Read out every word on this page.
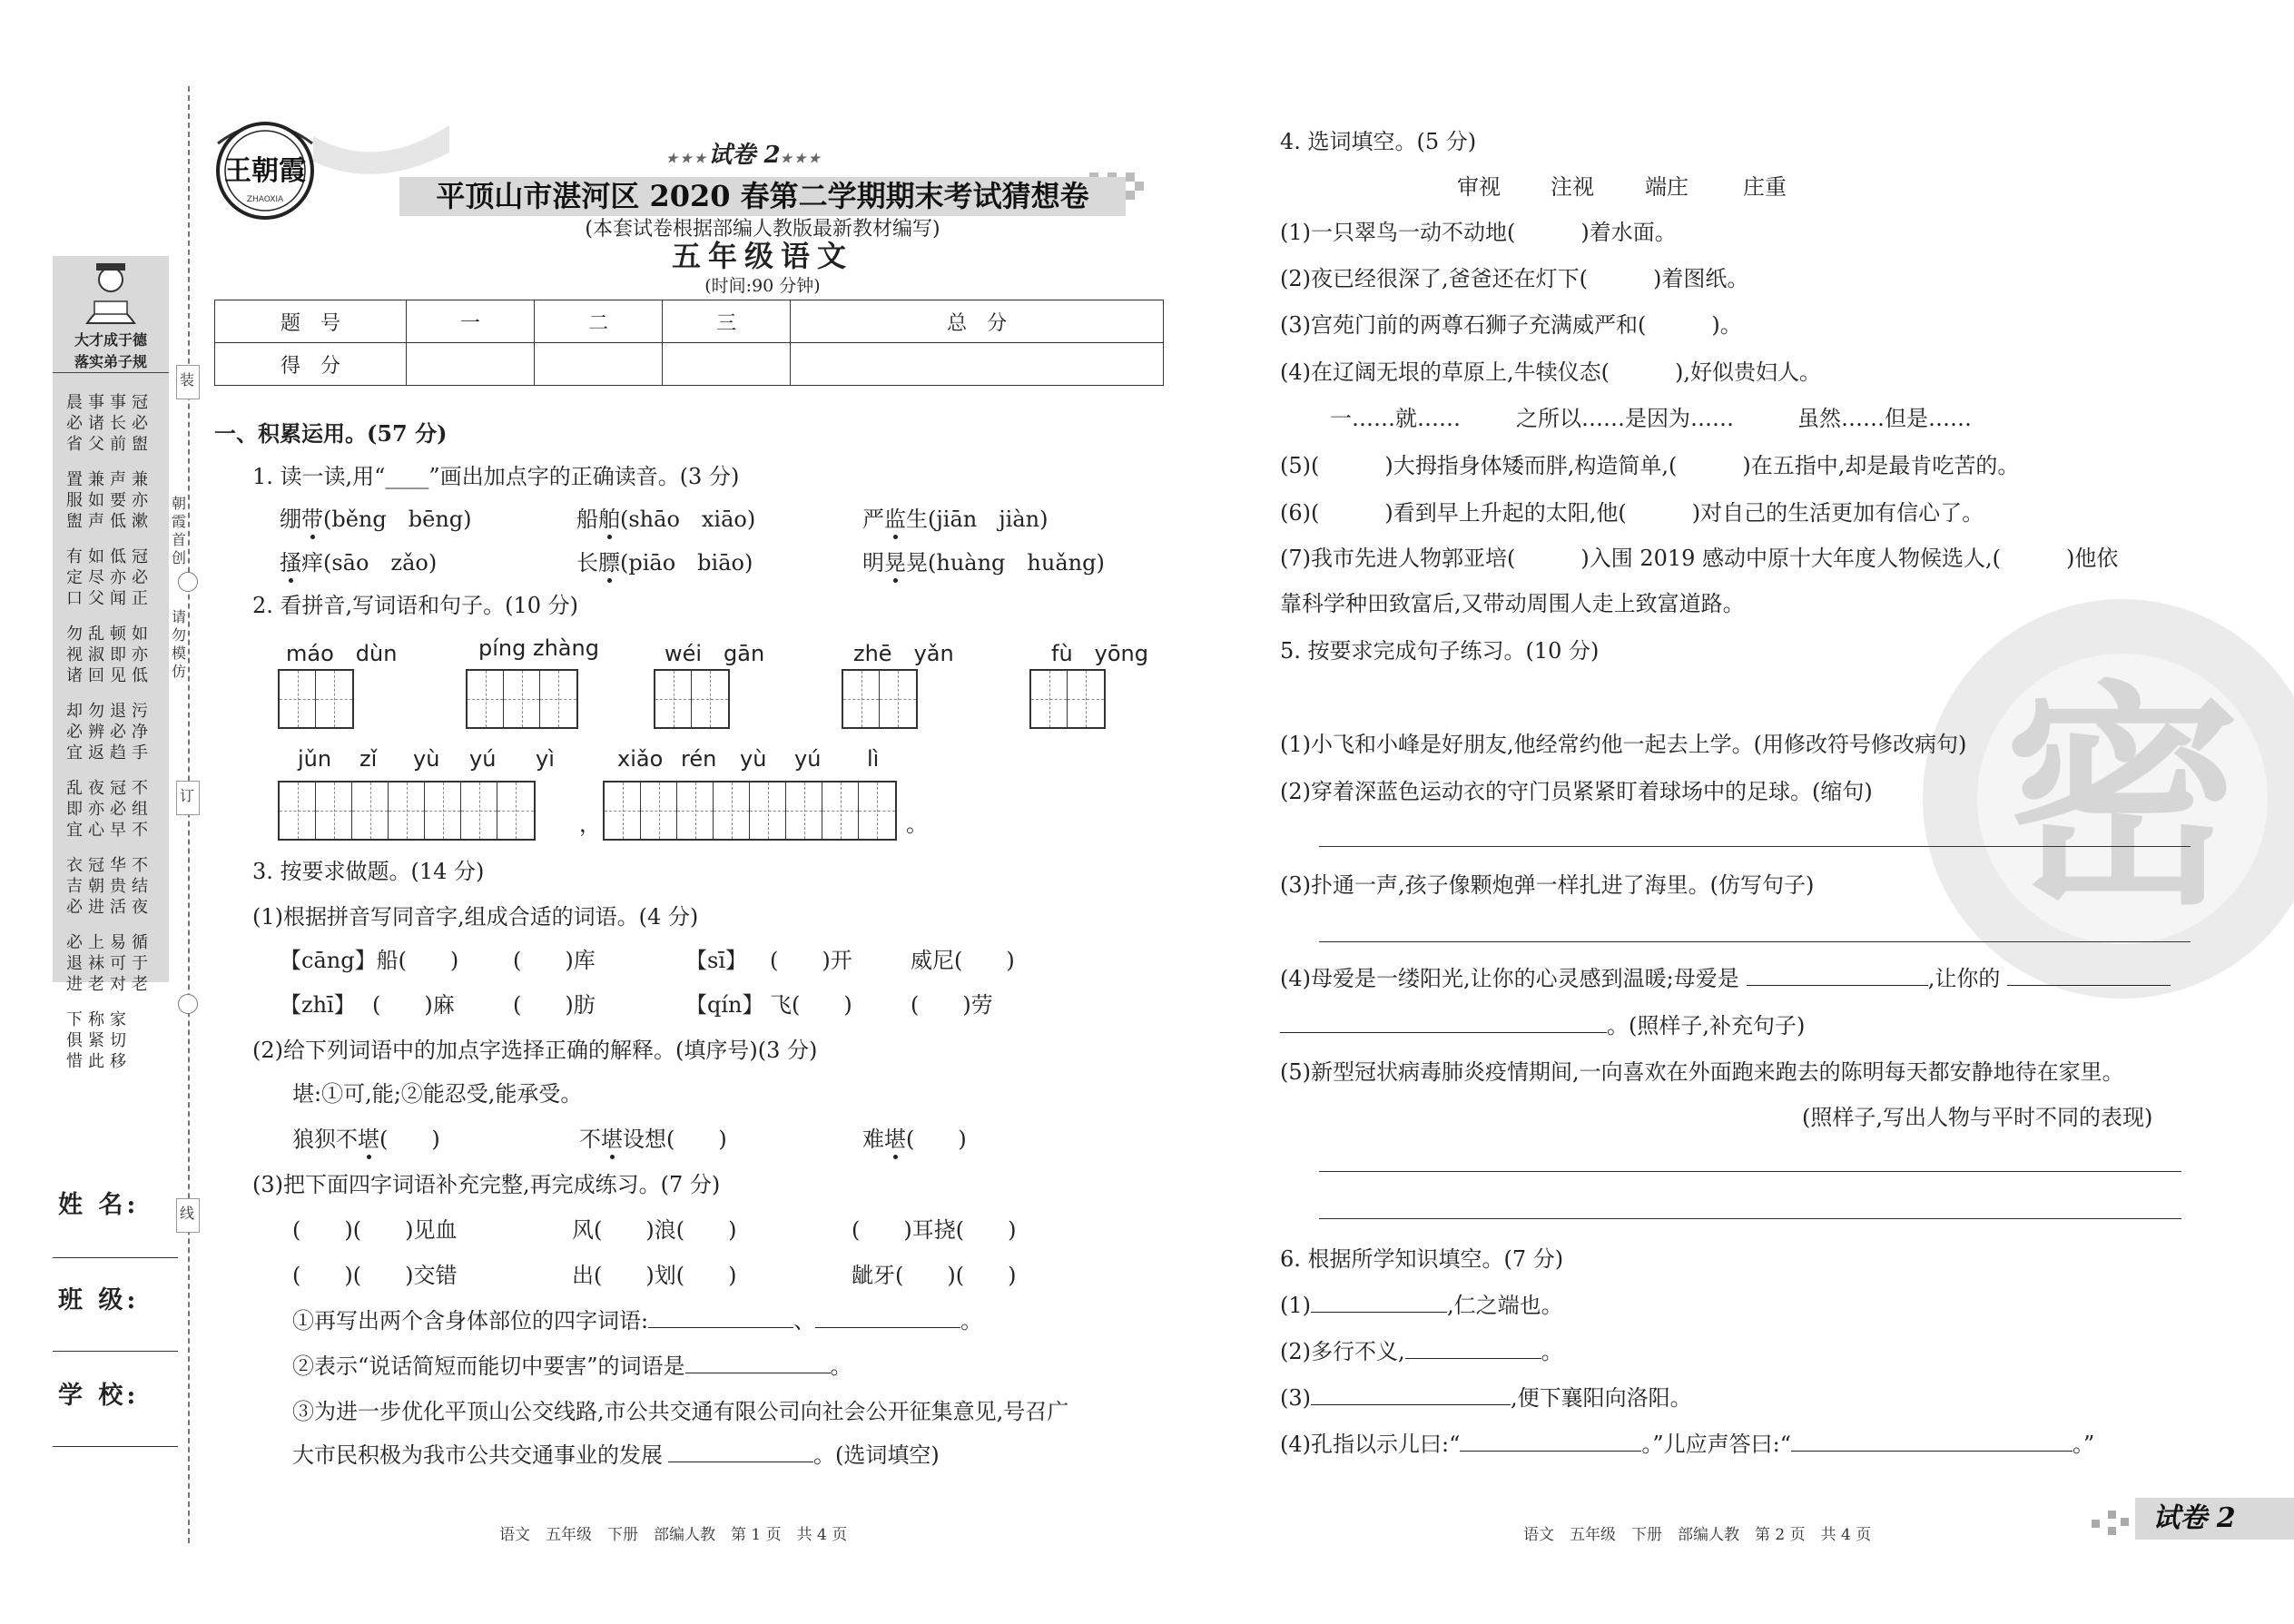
装
订
线
朝霞首创
请勿模仿
大才成于德
落实弟子规
晨必省
事诸父
事长前
冠必盥
置服盥
兼如声
声要低
兼亦漱
有定口
如尽父
低亦闻
冠必正
勿视诸
乱淑回
顿即见
如亦低
却必宜
勿辨返
退必趋
污净手
乱即宜
夜亦心
冠必早
不组不
衣吉必
冠朝进
华贵活
不结夜
必退进
上袜老
易可对
循于老
下俱惜
称紧此
家切移
姓 名:
班 级:
学 校:
王朝霞
ZHAOXIA
★★★试卷 2★★★
平顶山市湛河区 2020 春第二学期期末考试猜想卷
(本套试卷根据部编人教版最新教材编写)
五年级语文
(时间:90 分钟)
题　号	一	二	三	总　分
得　分				
一、积累运用。(57 分)
1. 读一读,用“____”画出加点字的正确读音。(3 分)
绷带(běng　bēng)	船舶(shāo　xiāo)	严监生(jiān　jiàn)
搔痒(sāo　zǎo)	长膘(piāo　biāo)	明晃晃(huàng　huǎng)
2. 看拼音,写词语和句子。(10 分)
máo　dùn	píng zhàng	wéi　gān	zhē　yǎn	fù　yōng
jǔn zǐ yù yú yì	xiǎo rén yù yú lì
，	。
3. 按要求做题。(14 分)
(1)根据拼音写同音字,组成合适的词语。(4 分)
【cāng】船(　　) (　　)库	【sī】 (　　)开	威尼(　　)
【zhī】 (　　)麻	(　　)肪	【qín】 飞(　　)	(　　)劳
(2)给下列词语中的加点字选择正确的解释。(填序号)(3 分)
堪:①可,能;②能忍受,能承受。
狼狈不堪(　　)	不堪设想(　　)	难堪(　　)
(3)把下面四字词语补充完整,再完成练习。(7 分)
(　　)(　　)见血	风(　　)浪(　　)	(　　)耳挠(　　)
(　　)(　　)交错	出(　　)划(　　)	龇牙(　　)(　　)
①再写出两个含身体部位的四字词语:	、	。
②表示“说话简短而能切中要害”的词语是	。
③为进一步优化平顶山公交线路,市公共交通有限公司向社会公开征集意见,号召广
大市民积极为我市公共交通事业的发展	。(选词填空)
语文　五年级　下册　部编人教　第 1 页　共 4 页
密
4. 选词填空。(5 分)
审视 注视 端庄	庄重
(1)一只翠鸟一动不动地(　　　)着水面。
(2)夜已经很深了,爸爸还在灯下(　　　)着图纸。
(3)宫苑门前的两尊石狮子充满威严和(　　　)。
(4)在辽阔无垠的草原上,牛犊仪态(　　　),好似贵妇人。
一……就……	之所以……是因为……	虽然……但是……
(5)(　　　)大拇指身体矮而胖,构造简单,(　　　)在五指中,却是最肯吃苦的。
(6)(　　　)看到早上升起的太阳,他(　　　)对自己的生活更加有信心了。
(7)我市先进人物郭亚培(　　　)入围 2019 感动中原十大年度人物候选人,(　　　)他依
靠科学种田致富后,又带动周围人走上致富道路。
5. 按要求完成句子练习。(10 分)
(1)小飞和小峰是好朋友,他经常约他一起去上学。(用修改符号修改病句)
(2)穿着深蓝色运动衣的守门员紧紧盯着球场中的足球。(缩句)
(3)扑通一声,孩子像颗炮弹一样扎进了海里。(仿写句子)
(4)母爱是一缕阳光,让你的心灵感到温暖;母爱是	,让你的
。(照样子,补充句子)
(5)新型冠状病毒肺炎疫情期间,一向喜欢在外面跑来跑去的陈明每天都安静地待在家里。
(照样子,写出人物与平时不同的表现)
6. 根据所学知识填空。(7 分)
(1)	,仁之端也。
(2)多行不义,	。
(3)	,便下襄阳向洛阳。
(4)孔指以示儿曰:“	。”儿应声答曰:“	。”
语文　五年级　下册　部编人教　第 2 页　共 4 页
试卷 2
